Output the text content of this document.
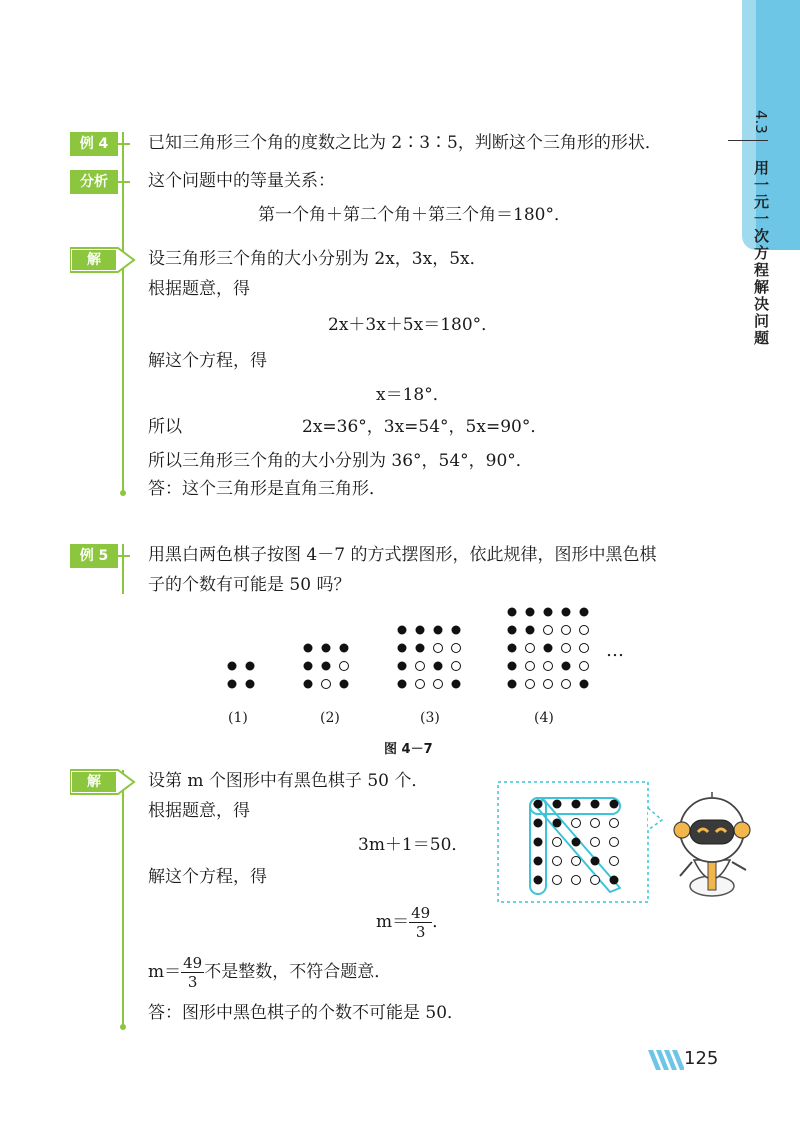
4.3
用一元一次方程解决问题
例 4	已知三角形三个角的度数之比为 2∶3∶5，判断这个三角形的形状．
分析	这个问题中的等量关系：
第一个角＋第二个角＋第三个角＝180°．
解	设三角形三个角的大小分别为 2x，3x，5x．
根据题意，得
2x＋3x＋5x＝180°．
解这个方程，得
x＝18°．
所以	2x=36°，3x=54°，5x=90°．
所以三角形三个角的大小分别为 36°，54°，90°．
答：这个三角形是直角三角形．
例 5	用黑白两色棋子按图 4－7 的方式摆图形，依此规律，图形中黑色棋
子的个数有可能是 50 吗？
…
(1)	(2)	(3)	(4)
图 4－7
解	设第 m 个图形中有黑色棋子 50 个．
根据题意，得
3m＋1＝50．
解这个方程，得
$m= \frac{49}{3}$ ．
$m= \frac{49}{3}$ 不是整数，不符合题意．
答：图形中黑色棋子的个数不可能是 50．
125
